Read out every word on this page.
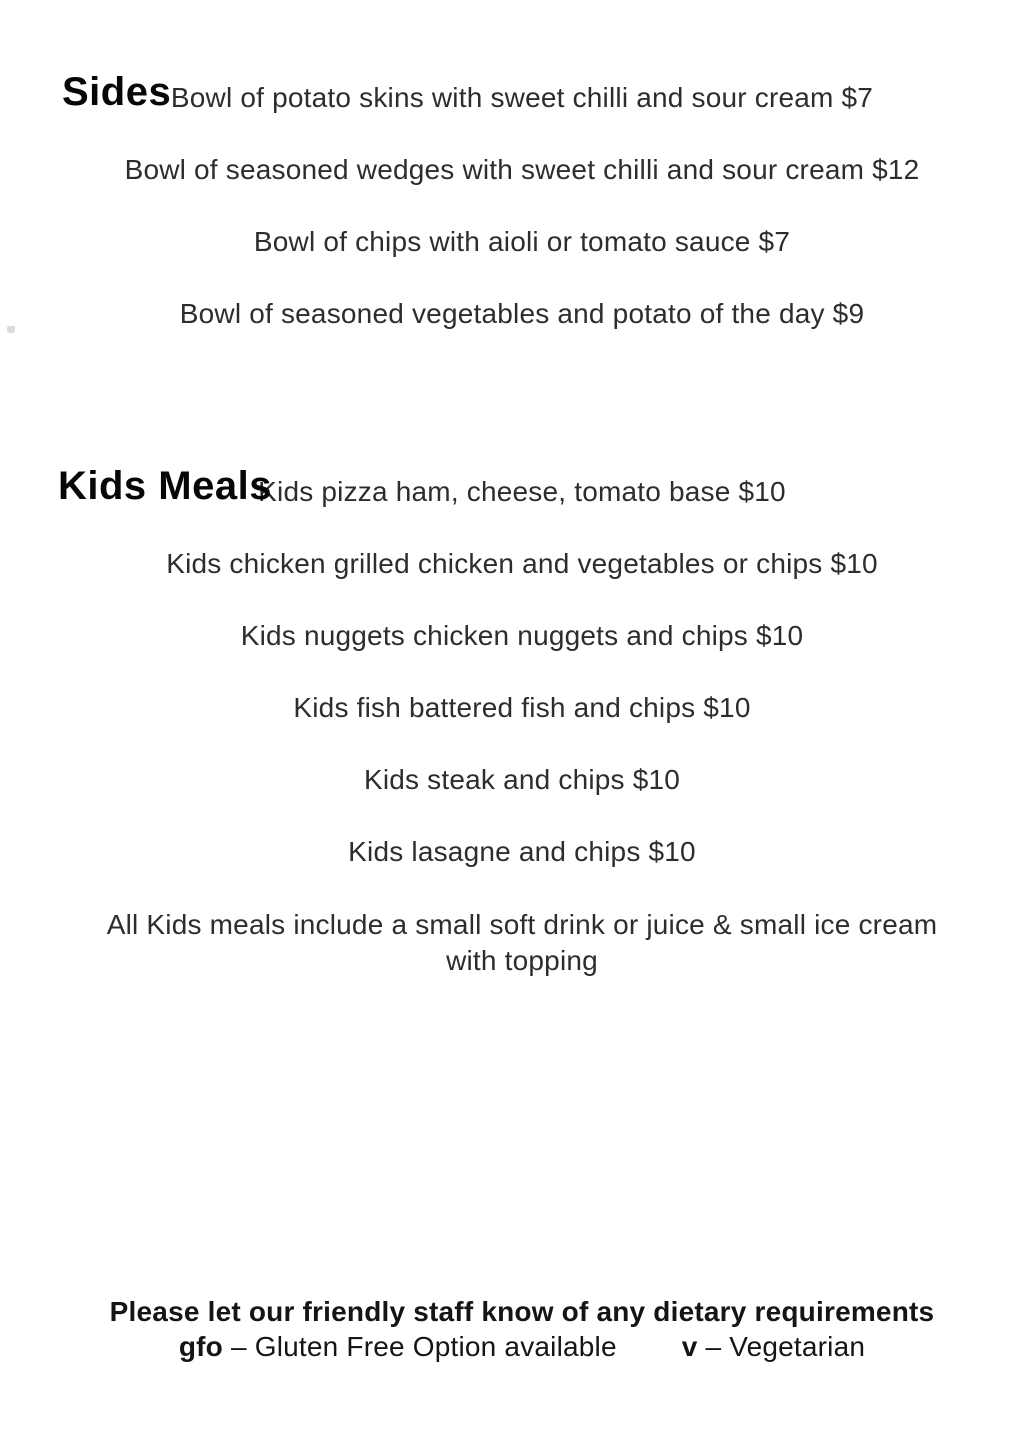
Sides Bowl of potato skins with sweet chilli and sour cream $7
Bowl of seasoned wedges with sweet chilli and sour cream $12
Bowl of chips with aioli or tomato sauce $7
Bowl of seasoned vegetables and potato of the day $9
Kids Meals
Kids pizza ham, cheese, tomato base $10
Kids chicken grilled chicken and vegetables or chips $10
Kids nuggets chicken nuggets and chips $10
Kids fish battered fish and chips $10
Kids steak and chips $10
Kids lasagne and chips $10
All Kids meals include a small soft drink or juice & small ice cream
with topping
Please let our friendly staff know of any dietary requirements
gfo – Gluten Free Option available v – Vegetarian
